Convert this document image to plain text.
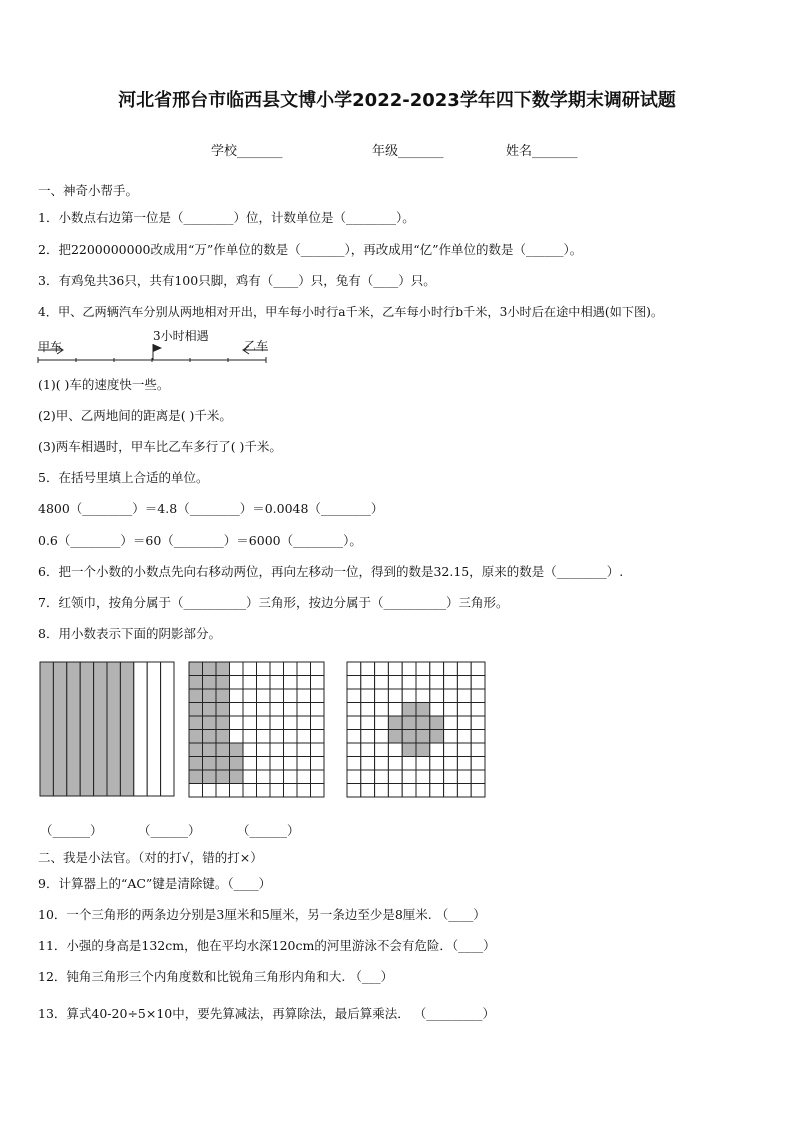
河北省邢台市临西县文博小学2022-2023学年四下数学期末调研试题
学校_______	年级_______	姓名_______
一、神奇小帮手。
1．小数点右边第一位是（________）位，计数单位是（________）。
2．把2200000000改成用“万”作单位的数是（_______），再改成用“亿”作单位的数是（______）。
3．有鸡兔共36只，共有100只脚，鸡有（____）只，兔有（____）只。
4．甲、乙两辆汽车分别从两地相对开出，甲车每小时行a千米，乙车每小时行b千米，3小时后在途中相遇(如下图)。
甲车
3小时相遇
乙车
(1)( )车的速度快一些。
(2)甲、乙两地间的距离是( )千米。
(3)两车相遇时，甲车比乙车多行了( )千米。
5．在括号里填上合适的单位。
4800（________）＝4.8（________）＝0.0048（________）
0.6（________）＝60（________）＝6000（________）。
6．把一个小数的小数点先向右移动两位，再向左移动一位，得到的数是32.15，原来的数是（________）.
7．红领巾，按角分属于（__________）三角形，按边分属于（__________）三角形。
8．用小数表示下面的阴影部分。
（______）	（______）	（______）
二、我是小法官。（对的打√，错的打×）
9．计算器上的“AC”键是清除键。（____）
10．一个三角形的两条边分别是3厘米和5厘米，另一条边至少是8厘米. （____）
11．小强的身高是132cm，他在平均水深120cm的河里游泳不会有危险．（____）
12．钝角三角形三个内角度数和比锐角三角形内角和大. （___）
13．算式40-20÷5×10中，要先算减法，再算除法，最后算乘法． （_________）
